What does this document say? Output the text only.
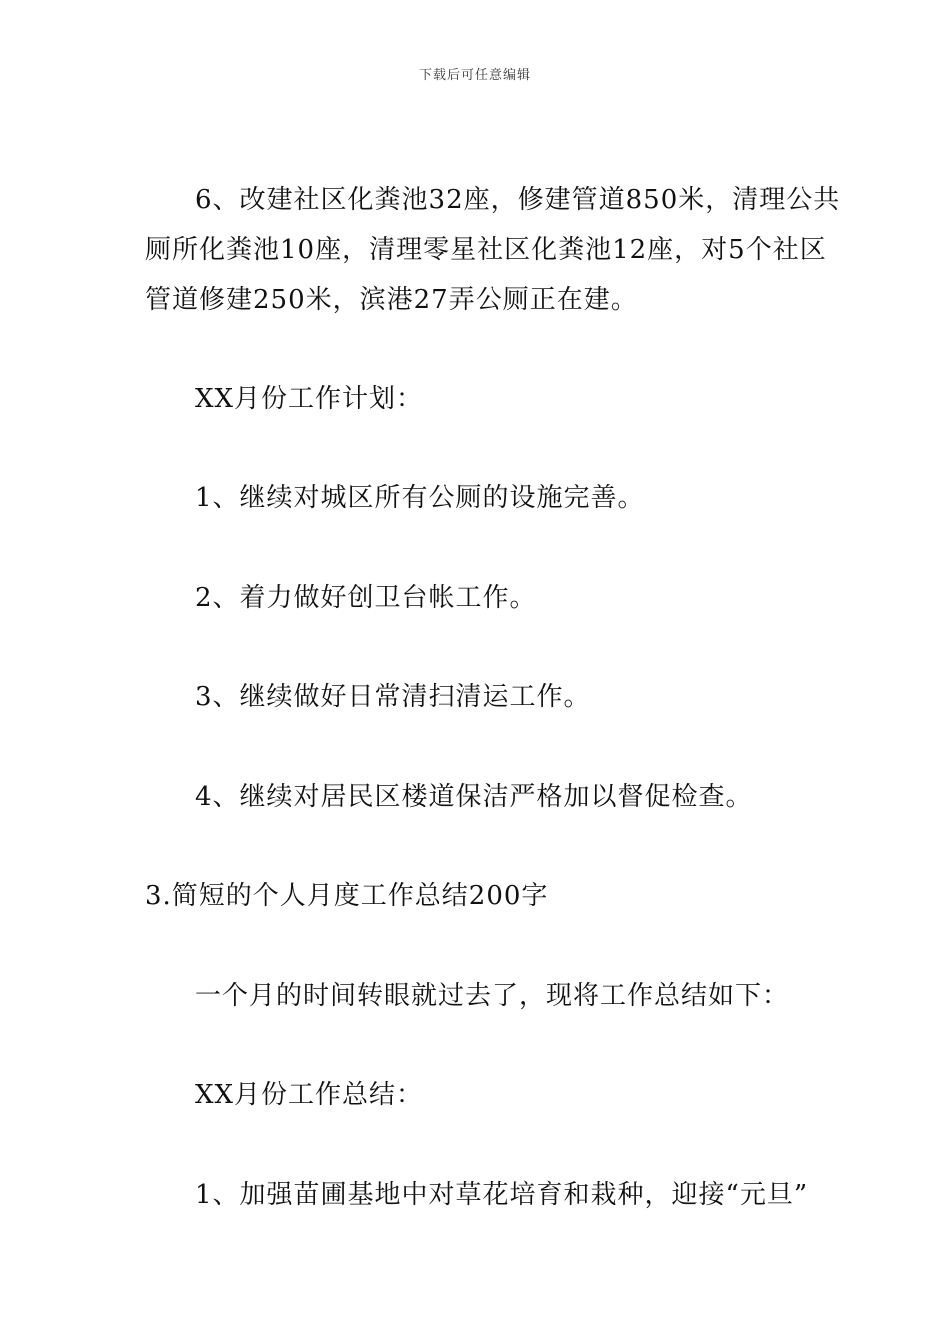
下载后可任意编辑
6、改建社区化粪池32座，修建管道850米，清理公共
厕所化粪池10座，清理零星社区化粪池12座，对5个社区
管道修建250米，滨港27弄公厕正在建。
XX月份工作计划：
1、继续对城区所有公厕的设施完善。
2、着力做好创卫台帐工作。
3、继续做好日常清扫清运工作。
4、继续对居民区楼道保洁严格加以督促检查。
3.简短的个人月度工作总结200字
一个月的时间转眼就过去了，现将工作总结如下：
XX月份工作总结：
1、加强苗圃基地中对草花培育和栽种，迎接“元旦”
